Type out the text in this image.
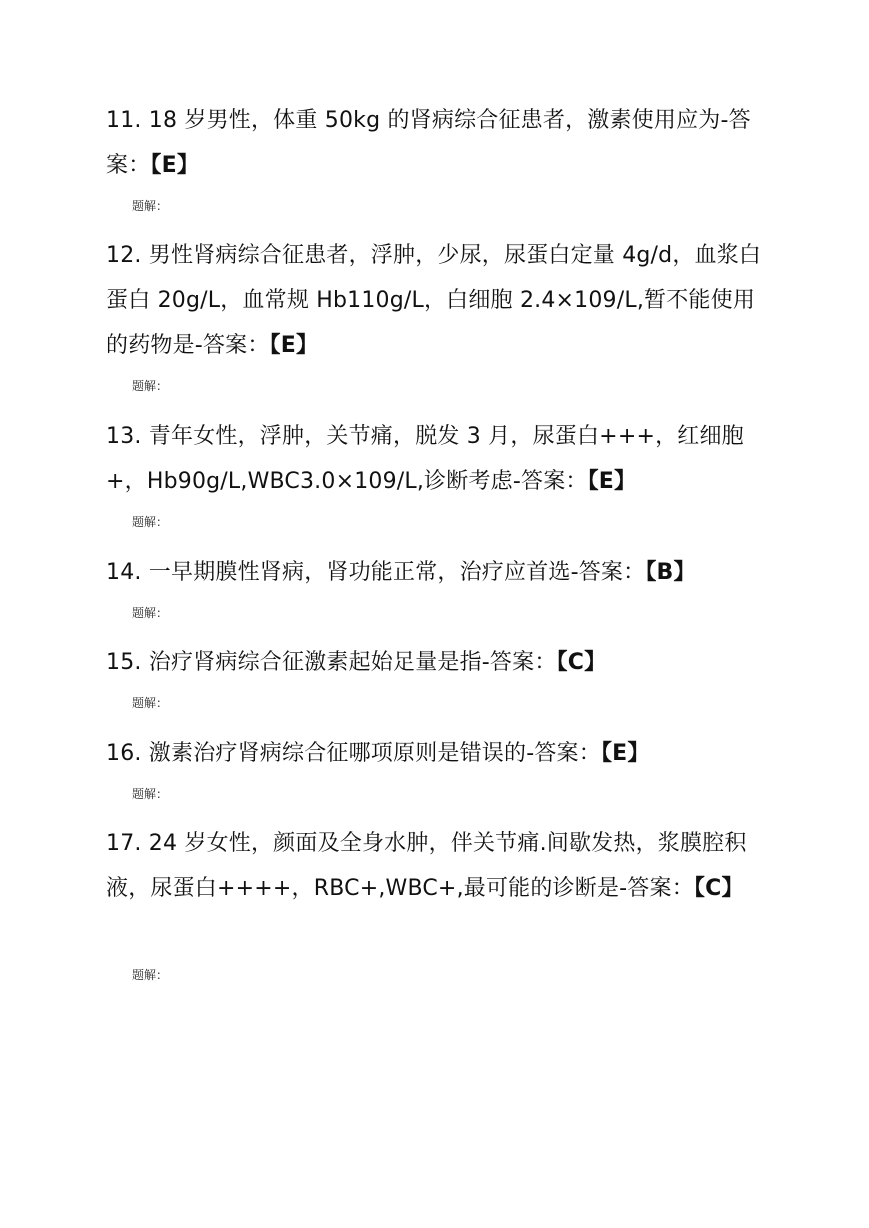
11. 18 岁男性，体重 50kg 的肾病综合征患者，激素使用应为-答案：【E】
题解：
12. 男性肾病综合征患者，浮肿，少尿，尿蛋白定量 4g/d，血浆白蛋白 20g/L，血常规 Hb110g/L，白细胞 2.4×109/L,暂不能使用的药物是-答案：【E】
题解：
13. 青年女性，浮肿，关节痛，脱发 3 月，尿蛋白+++，红细胞+，Hb90g/L,WBC3.0×109/L,诊断考虑-答案：【E】
题解：
14. 一早期膜性肾病，肾功能正常，治疗应首选-答案：【B】
题解：
15. 治疗肾病综合征激素起始足量是指-答案：【C】
题解：
16. 激素治疗肾病综合征哪项原则是错误的-答案：【E】
题解：
17. 24 岁女性，颜面及全身水肿，伴关节痛.间歇发热，浆膜腔积液，尿蛋白++++，RBC+,WBC+,最可能的诊断是-答案：【C】
题解：
